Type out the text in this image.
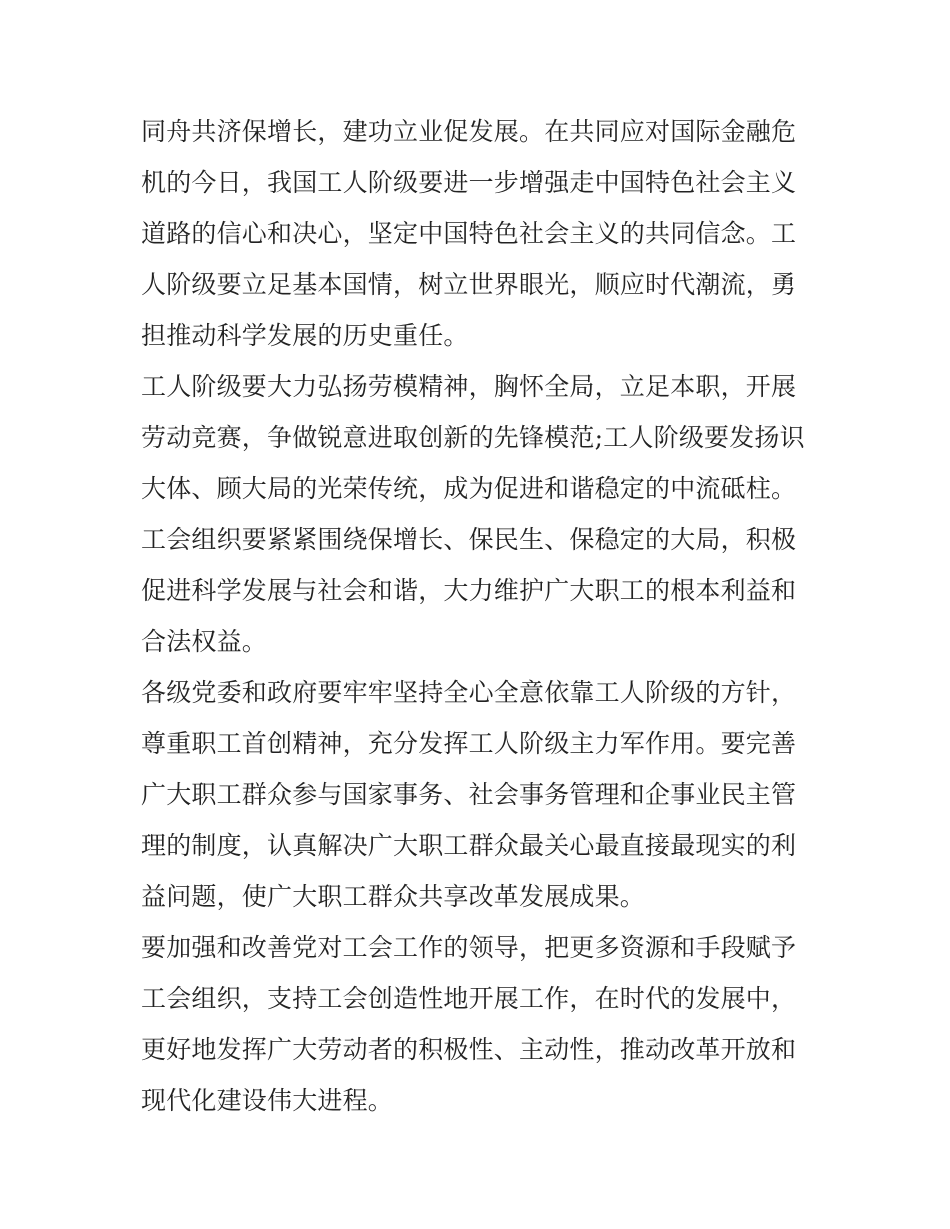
同舟共济保增长，建功立业促发展。在共同应对国际金融危机的今日，我国工人阶级要进一步增强走中国特色社会主义道路的信心和决心，坚定中国特色社会主义的共同信念。工人阶级要立足基本国情，树立世界眼光，顺应时代潮流，勇担推动科学发展的历史重任。

工人阶级要大力弘扬劳模精神，胸怀全局，立足本职，开展劳动竞赛，争做锐意进取创新的先锋模范;工人阶级要发扬识大体、顾大局的光荣传统，成为促进和谐稳定的中流砥柱。工会组织要紧紧围绕保增长、保民生、保稳定的大局，积极促进科学发展与社会和谐，大力维护广大职工的根本利益和合法权益。

各级党委和政府要牢牢坚持全心全意依靠工人阶级的方针，尊重职工首创精神，充分发挥工人阶级主力军作用。要完善广大职工群众参与国家事务、社会事务管理和企事业民主管理的制度，认真解决广大职工群众最关心最直接最现实的利益问题，使广大职工群众共享改革发展成果。

要加强和改善党对工会工作的领导，把更多资源和手段赋予工会组织，支持工会创造性地开展工作，在时代的发展中，更好地发挥广大劳动者的积极性、主动性，推动改革开放和现代化建设伟大进程。
